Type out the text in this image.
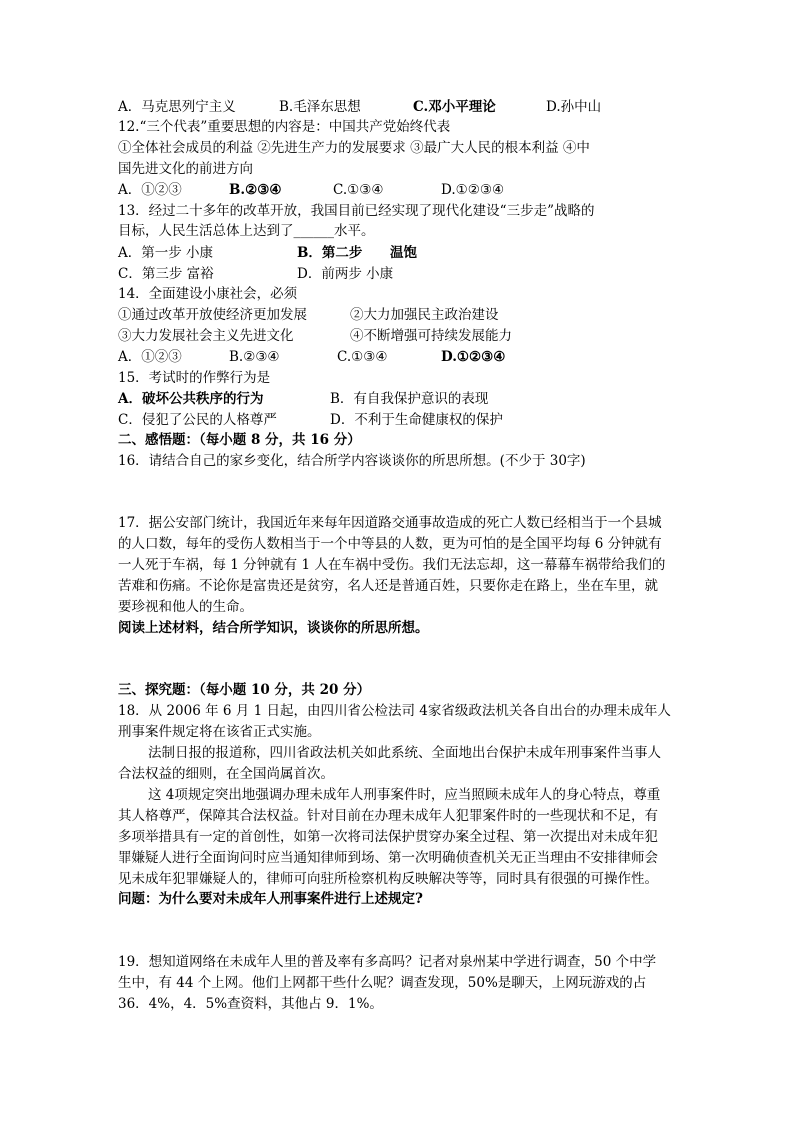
A．马克思列宁主义	B.毛泽东思想	C.邓小平理论	D.孙中山
12.“三个代表”重要思想的内容是：中国共产党始终代表
①全体社会成员的利益 ②先进生产力的发展要求 ③最广大人民的根本利益 ④中
国先进文化的前进方向
A．①②③	B.②③④	C.①③④	D.①②③④
13．经过二十多年的改革开放，我国目前已经实现了现代化建设“三步走”战略的
目标，人民生活总体上达到了______水平。
A．第一步 小康	B．第二步 温饱
C．第三步 富裕	D．前两步 小康
14．全面建设小康社会，必须
①通过改革开放使经济更加发展	②大力加强民主政治建设
③大力发展社会主义先进文化	④不断增强可持续发展能力
A．①②③	B.②③④	C.①③④	D.①②③④
15．考试时的作弊行为是
A．破坏公共秩序的行为	B．有自我保护意识的表现
C．侵犯了公民的人格尊严	D．不利于生命健康权的保护
二、感悟题：（每小题 8 分，共 16 分）
16．请结合自己的家乡变化，结合所学内容谈谈你的所思所想。(不少于 30字)
17．据公安部门统计，我国近年来每年因道路交通事故造成的死亡人数已经相当于一个县城
的人口数，每年的受伤人数相当于一个中等县的人数，更为可怕的是全国平均每 6 分钟就有
一人死于车祸，每 1 分钟就有 1 人在车祸中受伤。我们无法忘却，这一幕幕车祸带给我们的
苦难和伤痛。不论你是富贵还是贫穷，名人还是普通百姓，只要你走在路上，坐在车里，就
要珍视和他人的生命。
阅读上述材料，结合所学知识，谈谈你的所思所想。
三、探究题：（每小题 10 分，共 20 分）
18．从 2006 年 6 月 1 日起，由四川省公检法司 4家省级政法机关各自出台的办理未成年人
刑事案件规定将在该省正式实施。
法制日报的报道称，四川省政法机关如此系统、全面地出台保护未成年刑事案件当事人
合法权益的细则，在全国尚属首次。
这 4项规定突出地强调办理未成年人刑事案件时，应当照顾未成年人的身心特点，尊重
其人格尊严，保障其合法权益。针对目前在办理未成年人犯罪案件时的一些现状和不足，有
多项举措具有一定的首创性，如第一次将司法保护贯穿办案全过程、第一次提出对未成年犯
罪嫌疑人进行全面询问时应当通知律师到场、第一次明确侦查机关无正当理由不安排律师会
见未成年犯罪嫌疑人的，律师可向驻所检察机构反映解决等等，同时具有很强的可操作性。
问题：为什么要对未成年人刑事案件进行上述规定?
19．想知道网络在未成年人里的普及率有多高吗？记者对泉州某中学进行调查，50 个中学
生中，有 44 个上网。他们上网都干些什么呢？调查发现，50%是聊天，上网玩游戏的占
36．4%，4．5%查资料，其他占 9．1%。
